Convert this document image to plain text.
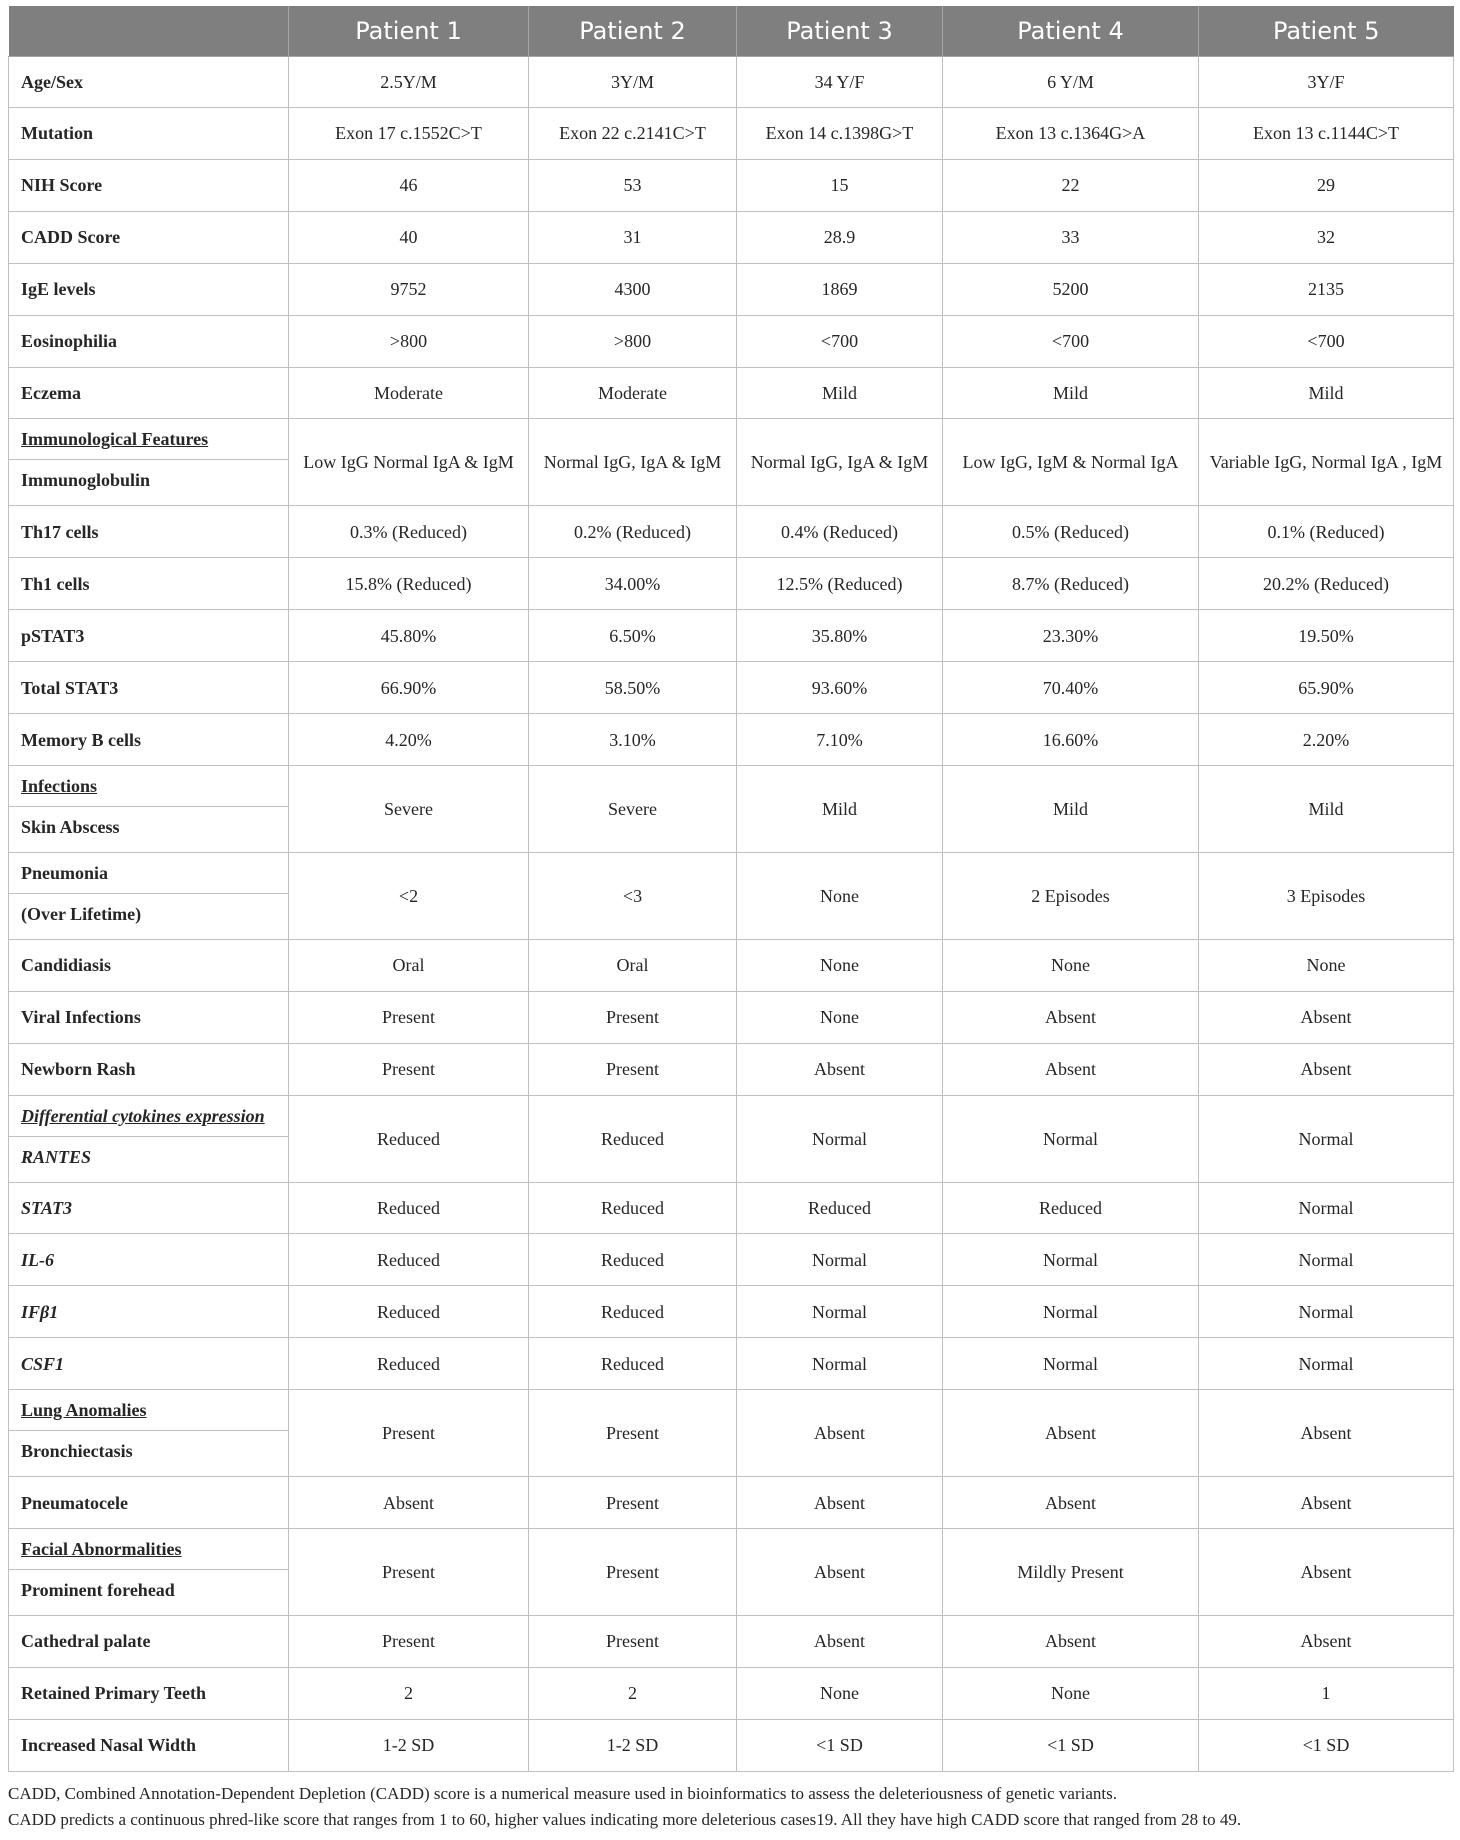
	Patient 1	Patient 2	Patient 3	Patient 4	Patient 5

Age/Sex	2.5Y/M	3Y/M	34 Y/F	6 Y/M	3Y/F

Mutation	Exon 17 c.1552C>T	Exon 22 c.2141C>T	Exon 14 c.1398G>T	Exon 13 c.1364G>A	Exon 13 c.1144C>T

NIH Score	46	53	15	22	29

CADD Score	40	31	28.9	33	32

IgE levels	9752	4300	1869	5200	2135

Eosinophilia	>800	>800	<700	<700	<700

Eczema	Moderate	Moderate	Mild	Mild	Mild

Immunological Features
Immunoglobulin	Low IgG Normal IgA & IgM	Normal IgG, IgA & IgM	Normal IgG, IgA & IgM	Low IgG, IgM & Normal IgA	Variable IgG, Normal IgA , IgM

Th17 cells	0.3% (Reduced)	0.2% (Reduced)	0.4% (Reduced)	0.5% (Reduced)	0.1% (Reduced)

Th1 cells	15.8% (Reduced)	34.00%	12.5% (Reduced)	8.7% (Reduced)	20.2% (Reduced)

pSTAT3	45.80%	6.50%	35.80%	23.30%	19.50%

Total STAT3	66.90%	58.50%	93.60%	70.40%	65.90%

Memory B cells	4.20%	3.10%	7.10%	16.60%	2.20%

Infections
Skin Abscess	Severe	Severe	Mild	Mild	Mild

Pneumonia
(Over Lifetime)	<2	<3	None	2 Episodes	3 Episodes

Candidiasis	Oral	Oral	None	None	None

Viral Infections	Present	Present	None	Absent	Absent

Newborn Rash	Present	Present	Absent	Absent	Absent

Differential cytokines expression
RANTES	Reduced	Reduced	Normal	Normal	Normal

STAT3	Reduced	Reduced	Reduced	Reduced	Normal

IL-6	Reduced	Reduced	Normal	Normal	Normal

IFβ1	Reduced	Reduced	Normal	Normal	Normal

CSF1	Reduced	Reduced	Normal	Normal	Normal

Lung Anomalies
Bronchiectasis	Present	Present	Absent	Absent	Absent

Pneumatocele	Absent	Present	Absent	Absent	Absent

Facial Abnormalities
Prominent forehead	Present	Present	Absent	Mildly Present	Absent

Cathedral palate	Present	Present	Absent	Absent	Absent

Retained Primary Teeth	2	2	None	None	1

Increased Nasal Width	1-2 SD	1-2 SD	<1 SD	<1 SD	<1 SD
CADD, Combined Annotation-Dependent Depletion (CADD) score is a numerical measure used in bioinformatics to assess the deleteriousness of genetic variants.
CADD predicts a continuous phred-like score that ranges from 1 to 60, higher values indicating more deleterious cases19. All they have high CADD score that ranged from 28 to 49.
